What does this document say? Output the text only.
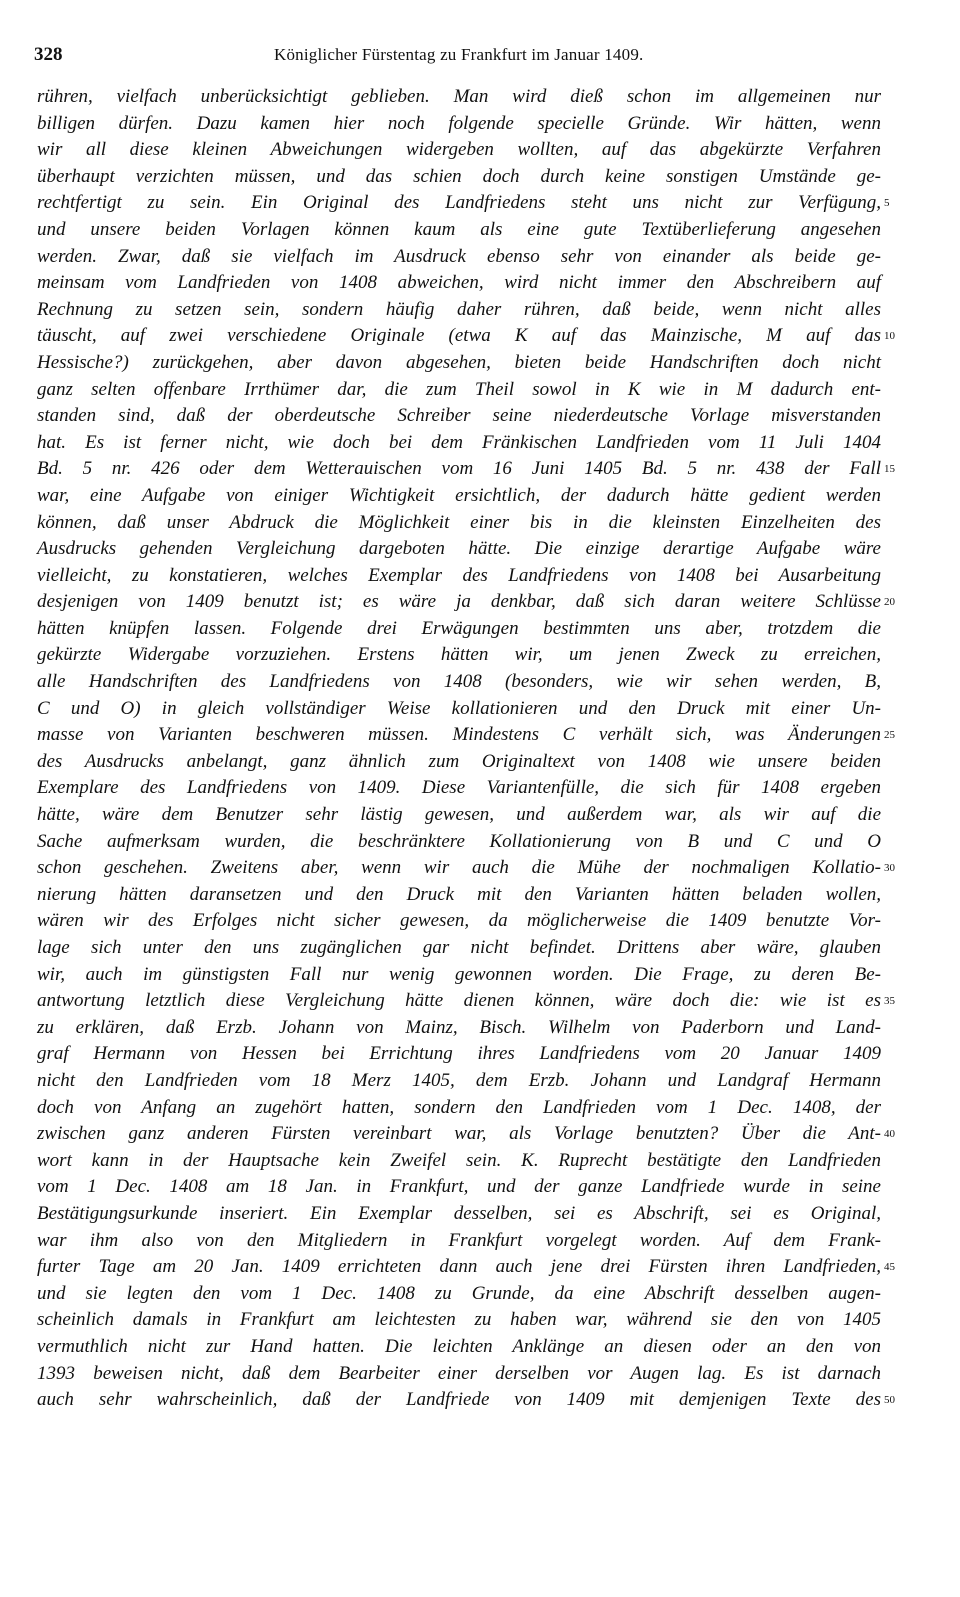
328	Königlicher Fürstentag zu Frankfurt im Januar 1409.
rühren, vielfach unberücksichtigt geblieben. Man wird dieß schon im allgemeinen nur
billigen dürfen. Dazu kamen hier noch folgende specielle Gründe. Wir hätten, wenn
wir all diese kleinen Abweichungen widergeben wollten, auf das abgekürzte Verfahren
überhaupt verzichten müssen, und das schien doch durch keine sonstigen Umstände ge-
rechtfertigt zu sein. Ein Original des Landfriedens steht uns nicht zur Verfügung,
und unsere beiden Vorlagen können kaum als eine gute Textüberlieferung angesehen
werden. Zwar, daß sie vielfach im Ausdruck ebenso sehr von einander als beide ge-
meinsam vom Landfrieden von 1408 abweichen, wird nicht immer den Abschreibern auf
Rechnung zu setzen sein, sondern häufig daher rühren, daß beide, wenn nicht alles
täuscht, auf zwei verschiedene Originale (etwa K auf das Mainzische, M auf das
Hessische?) zurückgehen, aber davon abgesehen, bieten beide Handschriften doch nicht
ganz selten offenbare Irrthümer dar, die zum Theil sowol in K wie in M dadurch ent-
standen sind, daß der oberdeutsche Schreiber seine niederdeutsche Vorlage misverstanden
hat. Es ist ferner nicht, wie doch bei dem Fränkischen Landfrieden vom 11 Juli 1404
Bd. 5 nr. 426 oder dem Wetterauischen vom 16 Juni 1405 Bd. 5 nr. 438 der Fall
war, eine Aufgabe von einiger Wichtigkeit ersichtlich, der dadurch hätte gedient werden
können, daß unser Abdruck die Möglichkeit einer bis in die kleinsten Einzelheiten des
Ausdrucks gehenden Vergleichung dargeboten hätte. Die einzige derartige Aufgabe wäre
vielleicht, zu konstatieren, welches Exemplar des Landfriedens von 1408 bei Ausarbeitung
desjenigen von 1409 benutzt ist; es wäre ja denkbar, daß sich daran weitere Schlüsse
hätten knüpfen lassen. Folgende drei Erwägungen bestimmten uns aber, trotzdem die
gekürzte Widergabe vorzuziehen. Erstens hätten wir, um jenen Zweck zu erreichen,
alle Handschriften des Landfriedens von 1408 (besonders, wie wir sehen werden, B,
C und O) in gleich vollständiger Weise kollationieren und den Druck mit einer Un-
masse von Varianten beschweren müssen. Mindestens C verhält sich, was Änderungen
des Ausdrucks anbelangt, ganz ähnlich zum Originaltext von 1408 wie unsere beiden
Exemplare des Landfriedens von 1409. Diese Variantenfülle, die sich für 1408 ergeben
hätte, wäre dem Benutzer sehr lästig gewesen, und außerdem war, als wir auf die
Sache aufmerksam wurden, die beschränktere Kollationierung von B und C und O
schon geschehen. Zweitens aber, wenn wir auch die Mühe der nochmaligen Kollatio-
nierung hätten daransetzen und den Druck mit den Varianten hätten beladen wollen,
wären wir des Erfolges nicht sicher gewesen, da möglicherweise die 1409 benutzte Vor-
lage sich unter den uns zugänglichen gar nicht befindet. Drittens aber wäre, glauben
wir, auch im günstigsten Fall nur wenig gewonnen worden. Die Frage, zu deren Be-
antwortung letztlich diese Vergleichung hätte dienen können, wäre doch die: wie ist es
zu erklären, daß Erzb. Johann von Mainz, Bisch. Wilhelm von Paderborn und Land-
graf Hermann von Hessen bei Errichtung ihres Landfriedens vom 20 Januar 1409
nicht den Landfrieden vom 18 Merz 1405, dem Erzb. Johann und Landgraf Hermann
doch von Anfang an zugehört hatten, sondern den Landfrieden vom 1 Dec. 1408, der
zwischen ganz anderen Fürsten vereinbart war, als Vorlage benutzten? Über die Ant-
wort kann in der Hauptsache kein Zweifel sein. K. Ruprecht bestätigte den Landfrieden
vom 1 Dec. 1408 am 18 Jan. in Frankfurt, und der ganze Landfriede wurde in seine
Bestätigungsurkunde inseriert. Ein Exemplar desselben, sei es Abschrift, sei es Original,
war ihm also von den Mitgliedern in Frankfurt vorgelegt worden. Auf dem Frank-
furter Tage am 20 Jan. 1409 errichteten dann auch jene drei Fürsten ihren Landfrieden,
und sie legten den vom 1 Dec. 1408 zu Grunde, da eine Abschrift desselben augen-
scheinlich damals in Frankfurt am leichtesten zu haben war, während sie den von 1405
vermuthlich nicht zur Hand hatten. Die leichten Anklänge an diesen oder an den von
1393 beweisen nicht, daß dem Bearbeiter einer derselben vor Augen lag. Es ist darnach
auch sehr wahrscheinlich, daß der Landfriede von 1409 mit demjenigen Texte des
5
10
15
20
25
30
35
40
45
50
